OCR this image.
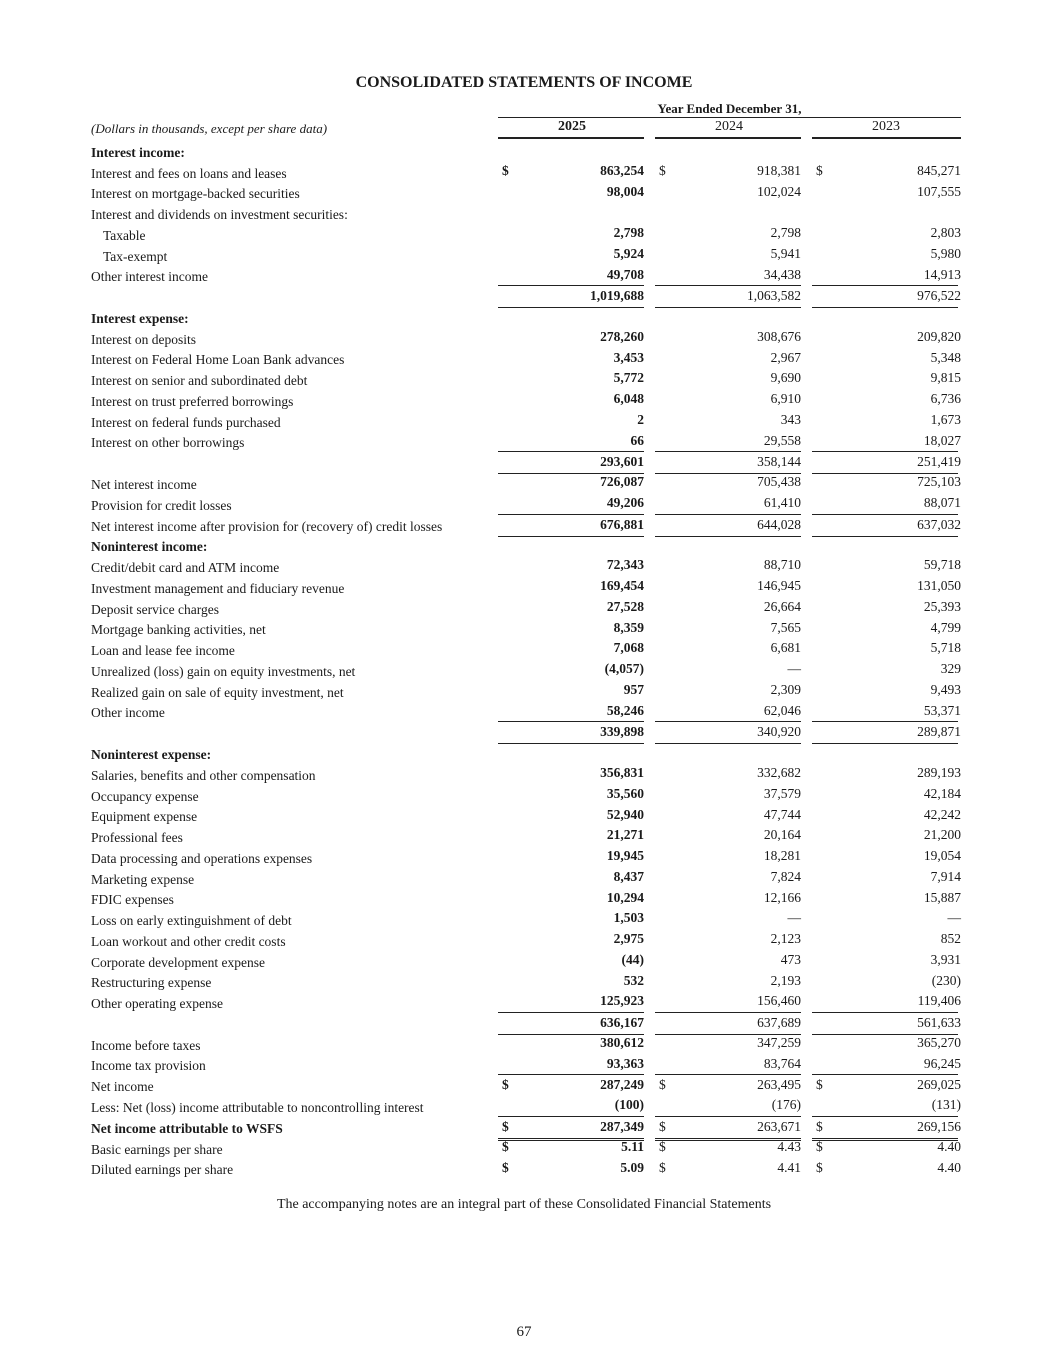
CONSOLIDATED STATEMENTS OF INCOME
Year Ended December 31,
(Dollars in thousands, except per share data)	2025	2024	2023
Interest income:
Interest and fees on loans and leases	$	863,254 $	918,381 $	845,271
Interest on mortgage-backed securities	98,004	102,024	107,555
Interest and dividends on investment securities:
Taxable	2,798	2,798	2,803
Tax-exempt	5,924	5,941	5,980
Other interest income	49,708	34,438	14,913
1,019,688	1,063,582	976,522
Interest expense:
Interest on deposits	278,260	308,676	209,820
Interest on Federal Home Loan Bank advances	3,453	2,967	5,348
Interest on senior and subordinated debt	5,772	9,690	9,815
Interest on trust preferred borrowings	6,048	6,910	6,736
Interest on federal funds purchased	2	343	1,673
Interest on other borrowings	66	29,558	18,027
293,601	358,144	251,419
Net interest income	726,087	705,438	725,103
Provision for credit losses	49,206	61,410	88,071
Net interest income after provision for (recovery of) credit losses	676,881	644,028	637,032
Noninterest income:
Credit/debit card and ATM income	72,343	88,710	59,718
Investment management and fiduciary revenue	169,454	146,945	131,050
Deposit service charges	27,528	26,664	25,393
Mortgage banking activities, net	8,359	7,565	4,799
Loan and lease fee income	7,068	6,681	5,718
Unrealized (loss) gain on equity investments, net	(4,057)	—	329
Realized gain on sale of equity investment, net	957	2,309	9,493
Other income	58,246	62,046	53,371
339,898	340,920	289,871
Noninterest expense:
Salaries, benefits and other compensation	356,831	332,682	289,193
Occupancy expense	35,560	37,579	42,184
Equipment expense	52,940	47,744	42,242
Professional fees	21,271	20,164	21,200
Data processing and operations expenses	19,945	18,281	19,054
Marketing expense	8,437	7,824	7,914
FDIC expenses	10,294	12,166	15,887
Loss on early extinguishment of debt	1,503	—	—
Loan workout and other credit costs	2,975	2,123	852
Corporate development expense	(44)	473	3,931
Restructuring expense	532	2,193	(230)
Other operating expense	125,923	156,460	119,406
636,167	637,689	561,633
Income before taxes	380,612	347,259	365,270
Income tax provision	93,363	83,764	96,245
Net income	$	287,249 $	263,495 $	269,025
Less: Net (loss) income attributable to noncontrolling interest	(100)	(176)	(131)
Net income attributable to WSFS	$	287,349 $	263,671 $	269,156
Basic earnings per share	$	5.11 $	4.43 $	4.40
Diluted earnings per share	$	5.09 $	4.41 $	4.40
The accompanying notes are an integral part of these Consolidated Financial Statements
67
